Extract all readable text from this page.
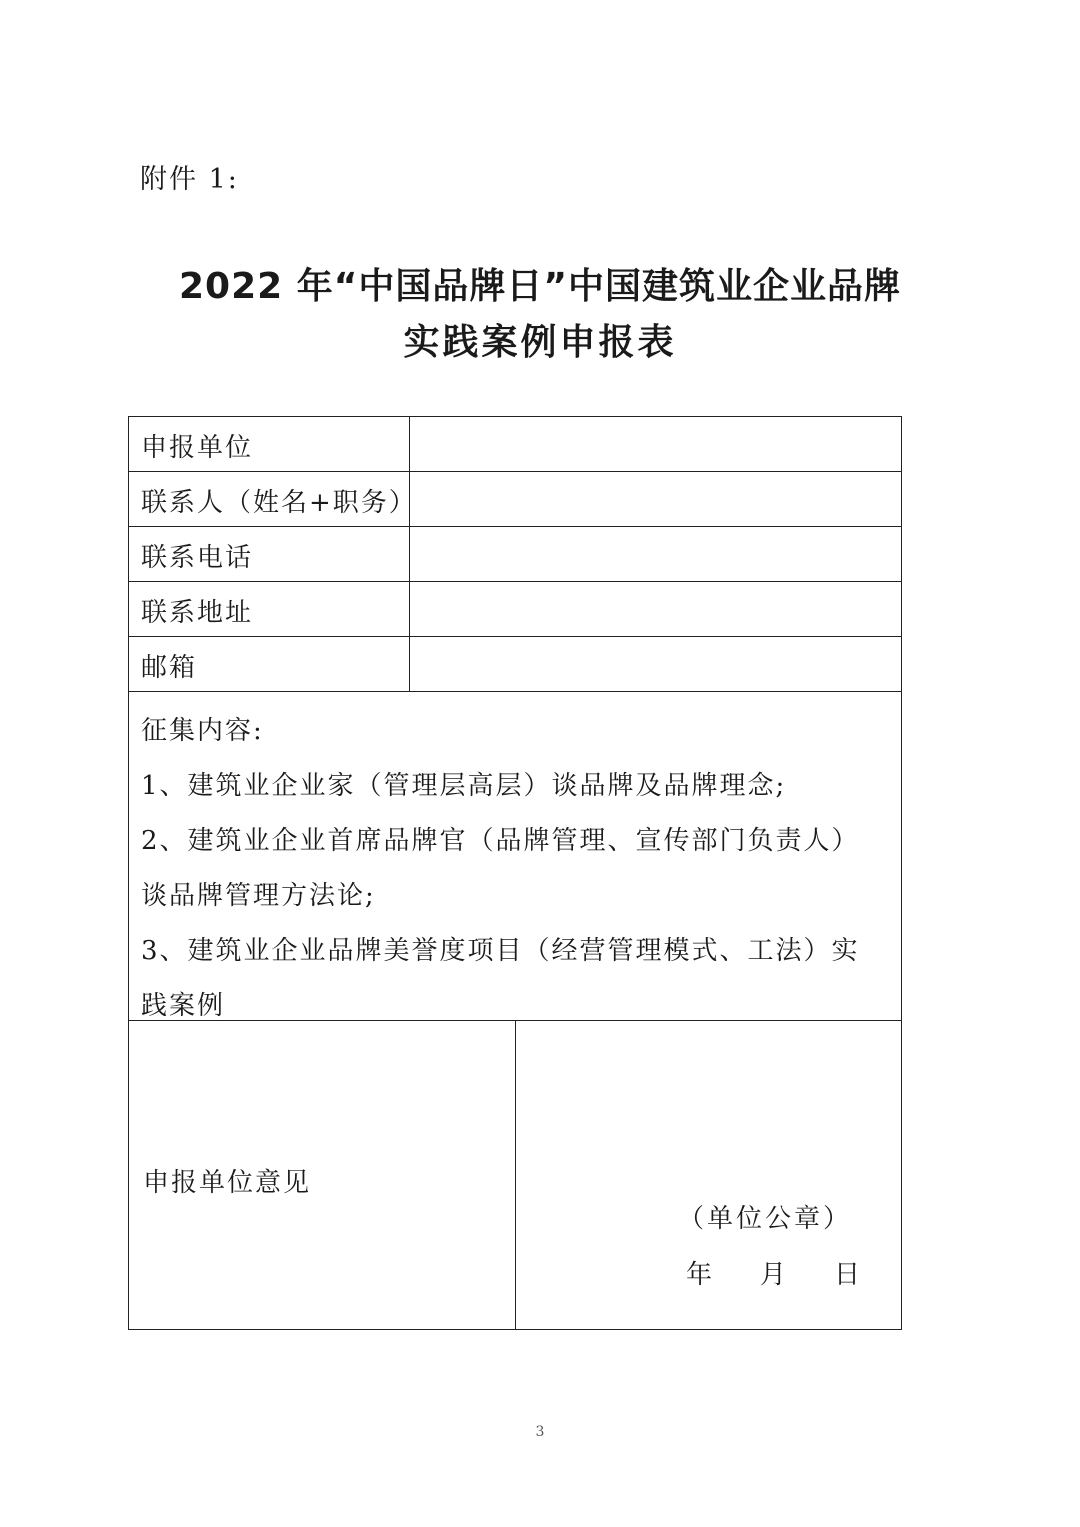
附件 1:
2022 年“中国品牌日”中国建筑业企业品牌
实践案例申报表
申报单位
联系人（姓名+职务）
联系电话
联系地址
邮箱

征集内容:

1、建筑业企业家（管理层高层）谈品牌及品牌理念;

2、建筑业企业首席品牌官（品牌管理、宣传部门负责人）

谈品牌管理方法论;

3、建筑业企业品牌美誉度项目（经营管理模式、工法）实

践案例

申报单位意见
（单位公章）
年 月 日
3
